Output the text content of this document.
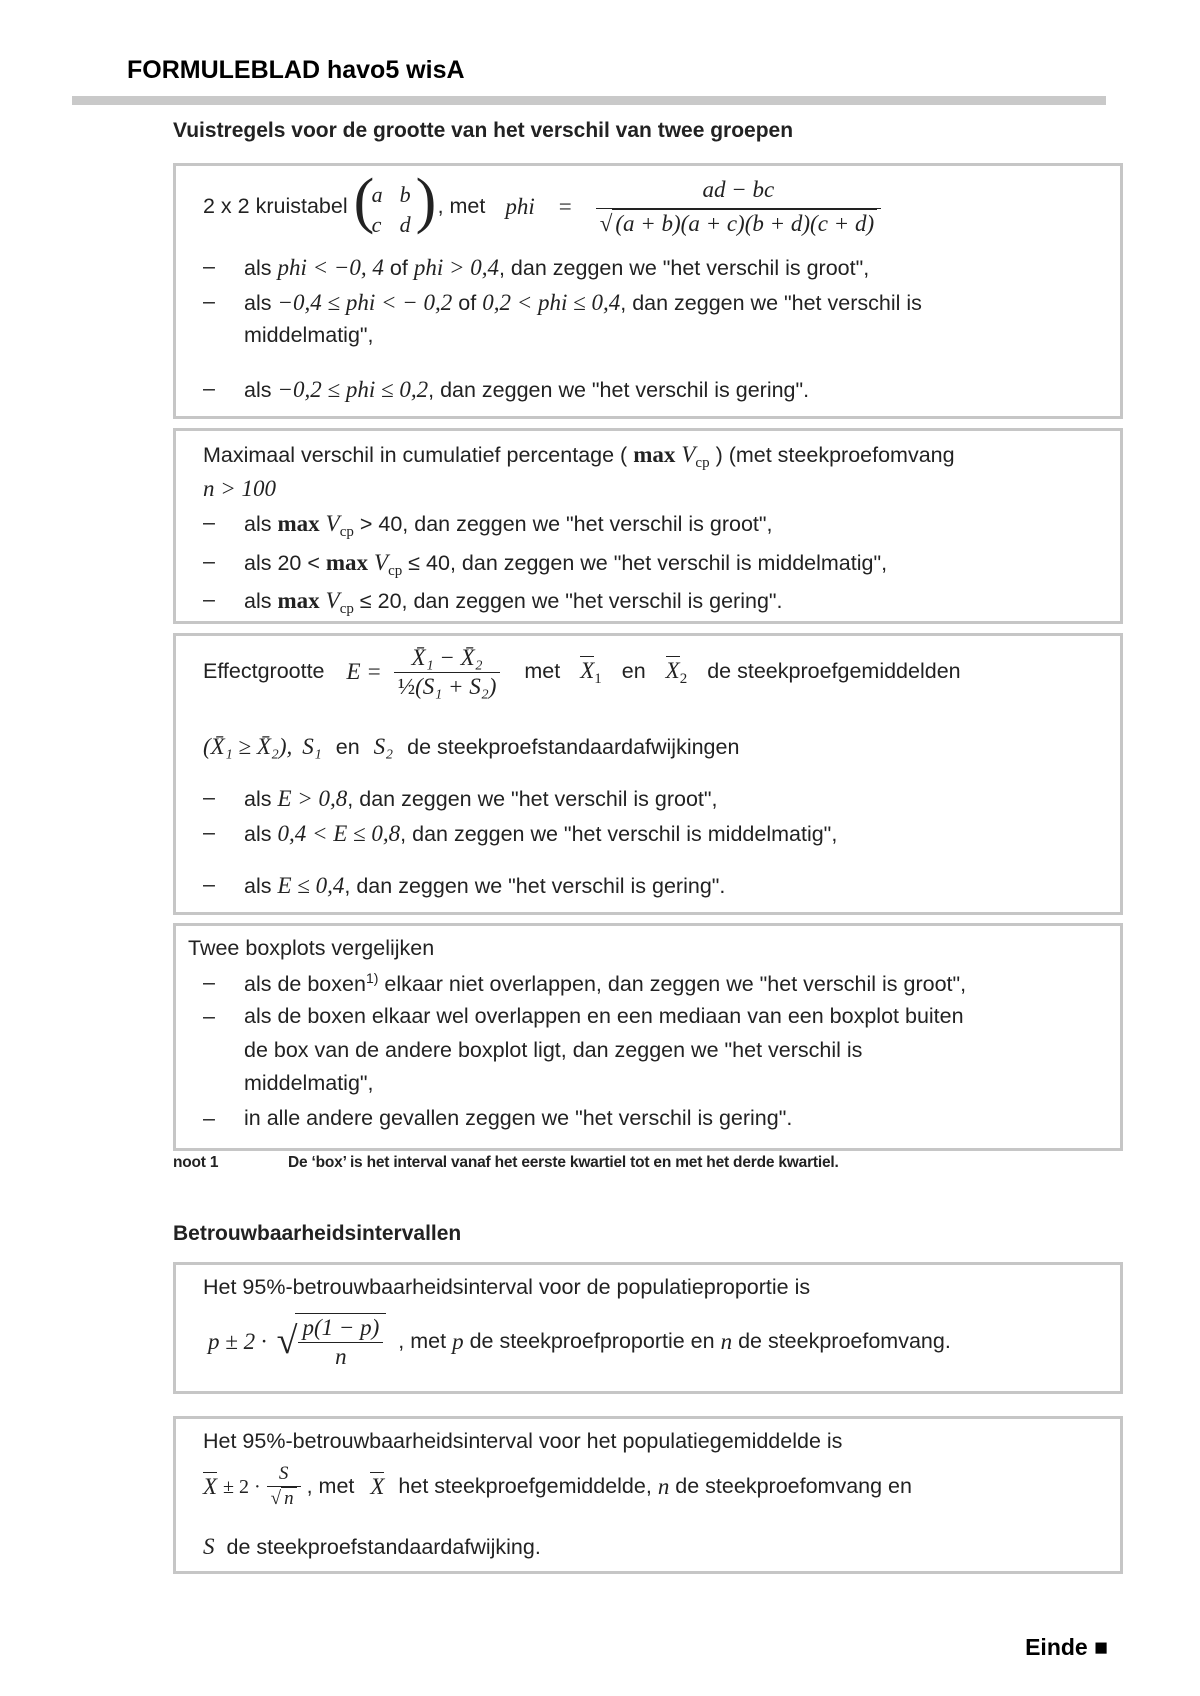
FORMULEBLAD havo5 wisA
Vuistregels voor de grootte van het verschil van twee groepen
2 x 2 kruistabel (
a b
c d ) , met phi = $\frac{ad - bc}{√ (a + b)(a + c)(b + d)(c + d)}$
–	als phi < −0, 4 of phi > 0,4, dan zeggen we "het verschil is groot",
–	als −0,4 ≤ phi < − 0,2 of 0,2 < phi ≤ 0,4, dan zeggen we "het verschil is
middelmatig",
–	als −0,2 ≤ phi ≤ 0,2, dan zeggen we "het verschil is gering".
Maximaal verschil in cumulatief percentage ( $\max V_{cp}$ ) (met steekproefomvang
n > 100
–	als $\max V_{cp} > 40$, dan zeggen we "het verschil is groot",
–	als $20 < \max V_{cp} \le 40$, dan zeggen we "het verschil is middelmatig",
–	als $\max V_{cp} \le 20$, dan zeggen we "het verschil is gering".
Effectgrootte $E = \frac{\text{X̄₁ − X̄₂}}{\text{½(S₁ + S₂)}}$ met $X_1$ en $X_2$ de steekproefgemiddelden
(X̄₁ ≥ X̄₂), S₁ en S₂ de steekproefstandaardafwijkingen
–	als E > 0,8, dan zeggen we "het verschil is groot",
–	als 0,4 < E ≤ 0,8, dan zeggen we "het verschil is middelmatig",
–	als E ≤ 0,4, dan zeggen we "het verschil is gering".
Twee boxplots vergelijken
–	als de boxen$^{1)}$ elkaar niet overlappen, dan zeggen we "het verschil is groot",
–	als de boxen elkaar wel overlappen en een mediaan van een boxplot buiten
de box van de andere boxplot ligt, dan zeggen we "het verschil is
middelmatig",
–	in alle andere gevallen zeggen we "het verschil is gering".
noot 1	De ‘box’ is het interval vanaf het eerste kwartiel tot en met het derde kwartiel.
Betrouwbaarheidsintervallen
Het 95%-betrouwbaarheidsinterval voor de populatieproportie is
p ± 2 · √
$\frac{p(1 - p)}{n}$ , met p de steekproefproportie en n de steekproefomvang.
Het 95%-betrouwbaarheidsinterval voor het populatiegemiddelde is
$X \pm 2 \cdot \frac{S}{√ n}$ , met X het steekproefgemiddelde, n de steekproefomvang en
S de steekproefstandaardafwijking.
Einde ■
